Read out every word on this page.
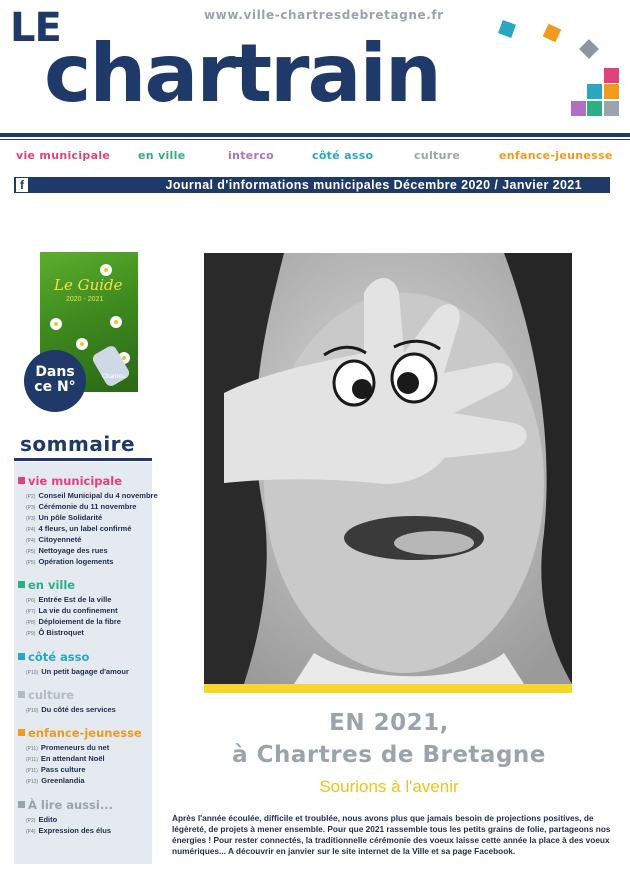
www.ville-chartresdebretagne.fr
LE
chartrain
vie municipale	en ville	interco	côté asso	culture	enfance-jeunesse
f	Journal d'informations municipales Décembre 2020 / Janvier 2021
Le Guide
2020 - 2021
Chartres
Dans
ce N°
sommaire
vie municipale
(P2) Conseil Municipal du 4 novembre
(P3) Cérémonie du 11 novembre
(P3) Un pôle Solidarité
(P4) 4 fleurs, un label confirmé
(P4) Citoyenneté
(P5) Nettoyage des rues
(P5) Opération logements
en ville
(P6) Entrée Est de la ville
(P7) La vie du confinement
(P8) Déploiement de la fibre
(P9) Ô Bistroquet
côté asso
(P10) Un petit bagage d'amour
culture
(P10) Du côté des services
enfance-jeunesse
(P11) Promeneurs du net
(P11) En attendant Noël
(P11) Pass culture
(P12) Greenlandia
À lire aussi...
(P2) Edito
(P4) Expression des élus
EN 2021,
à Chartres de Bretagne
Sourions à l'avenir
Après l'année écoulée, difficile et troublée, nous avons plus que jamais besoin de projections positives, de légèreté, de projets à mener ensemble. Pour que 2021 rassemble tous les petits grains de folie, partageons nos énergies ! Pour rester connectés, la traditionnelle cérémonie des voeux laisse cette année la place à des voeux numériques... A découvrir en janvier sur le site internet de la Ville et sa page Facebook.
